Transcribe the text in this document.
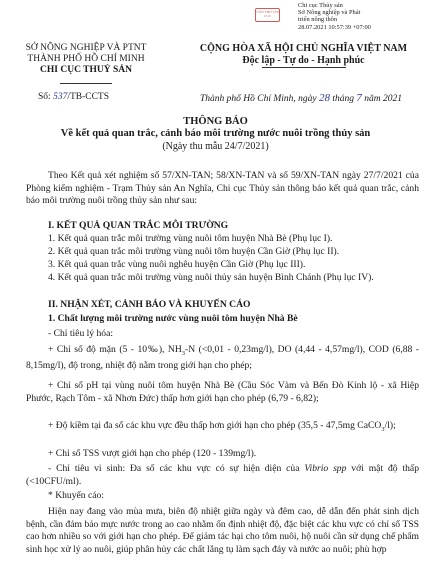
Chi cục Thủy sản
Sở Nông nghiệp và Phát
triển nông thôn
28.07.2021 10:57:39 +07:00
VĂN THƯ CHI CỤC
SỞ NÔNG NGHIỆP VÀ PTNT
THÀNH PHỐ HỒ CHÍ MINH
CHI CỤC THUỶ SẢN
CỘNG HÒA XÃ HỘI CHỦ NGHĨA VIỆT NAM
Độc lập - Tự do - Hạnh phúc
Số: 537/TB-CCTS	Thành phố Hồ Chí Minh, ngày 28 tháng 7 năm 2021
THÔNG BÁO
Về kết quả quan trắc, cảnh báo môi trường nước nuôi trồng thủy sản
(Ngày thu mẫu 24/7/2021)
Theo Kết quả xét nghiệm số 57/XN-TAN; 58/XN-TAN và số 59/XN-TAN ngày 27/7/2021 của Phòng kiểm nghiệm - Trạm Thủy sản An Nghĩa, Chi cục Thủy sản thông báo kết quả quan trắc, cảnh báo môi trường nuôi trồng thủy sản như sau:
I. KẾT QUẢ QUAN TRẮC MÔI TRƯỜNG
1. Kết quả quan trắc môi trường vùng nuôi tôm huyện Nhà Bè (Phụ lục I).
2. Kết quả quan trắc môi trường vùng nuôi tôm huyện Cần Giờ (Phụ lục II).
3. Kết quả quan trắc vùng nuôi nghêu huyện Cần Giờ (Phụ lục III).
4. Kết quả quan trắc môi trường vùng nuôi thủy sản huyện Bình Chánh (Phụ lục IV).
II. NHẬN XÉT, CẢNH BÁO VÀ KHUYẾN CÁO
1. Chất lượng môi trường nước vùng nuôi tôm huyện Nhà Bè
- Chỉ tiêu lý hóa:
+ Chỉ số độ mặn (5 - 10‰), $NH_3-N$ (<0,01 - 0,23mg/l), DO (4,44 - 4,57mg/l), COD (6,88 - 8,15mg/l), độ trong, nhiệt độ nằm trong giới hạn cho phép;
+ Chỉ số pH tại vùng nuôi tôm huyện Nhà Bè (Cầu Sóc Vàm và Bến Đò Kính lộ - xã Hiệp Phước, Rạch Tôm - xã Nhơn Đức) thấp hơn giới hạn cho phép (6,79 - 6,82);
+ Độ kiềm tại đa số các khu vực đều thấp hơn giới hạn cho phép (35,5 - 47,5mg CaCO$_3$/l);
+ Chỉ số TSS vượt giới hạn cho phép (120 - 139mg/l).
- Chỉ tiêu vi sinh: Đa số các khu vực có sự hiện diện của Vibrio spp với mật độ thấp (<10CFU/ml).
* Khuyến cáo:
Hiện nay đang vào mùa mưa, biên độ nhiệt giữa ngày và đêm cao, dễ dẫn đến phát sinh dịch bệnh, cần đảm bảo mực nước trong ao cao nhằm ổn định nhiệt độ, đặc biệt các khu vực có chỉ số TSS cao hơn nhiều so với giới hạn cho phép. Để giảm tác hại cho tôm nuôi, hộ nuôi cần sử dụng chế phẩm sinh học xử lý ao nuôi, giúp phân hủy các chất lắng tụ làm sạch đáy và nước ao nuôi; phù hợp
